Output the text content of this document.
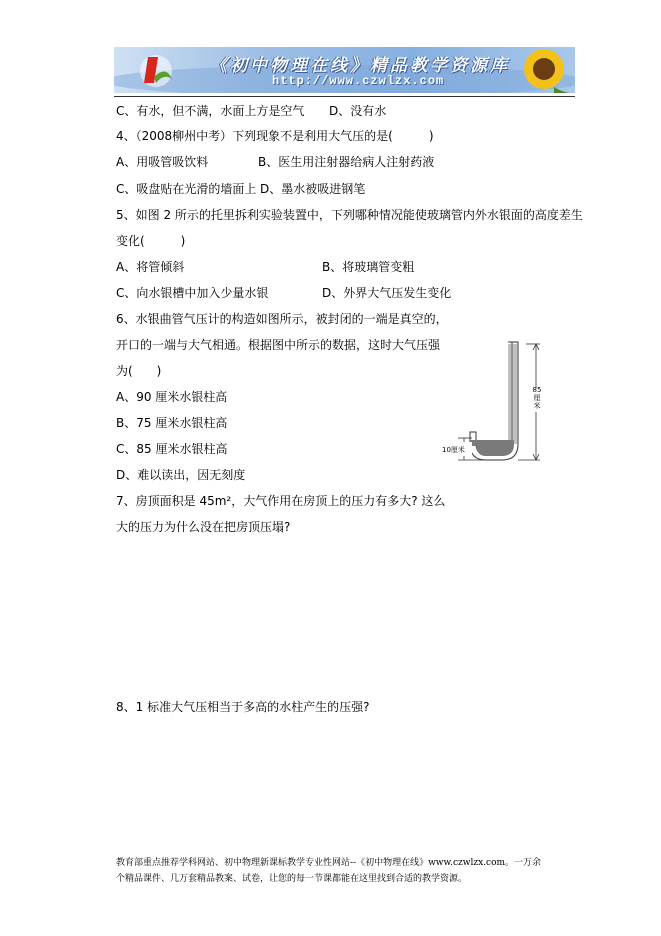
《初中物理在线》精品教学资源库
http://www.czwlzx.com
C、有水，但不满，水面上方是空气 D、没有水
4、（2008柳州中考）下列现象不是利用大气压的是(　　　)
A、用吸管吸饮料	B、医生用注射器给病人注射药液
C、吸盘贴在光滑的墙面上 D、墨水被吸进钢笔
5、如图 2 所示的托里拆利实验装置中，下列哪种情况能使玻璃管内外水银面的高度差生
变化(　　　)
A、将管倾斜	B、将玻璃管变粗
C、向水银槽中加入少量水银	D、外界大气压发生变化
6、水银曲管气压计的构造如图所示，被封闭的一端是真空的，
开口的一端与大气相通。根据图中所示的数据，这时大气压强
为(　　)
A、90 厘米水银柱高
B、75 厘米水银柱高
C、85 厘米水银柱高
D、难以读出，因无刻度
85
厘
米
10厘米
7、房顶面积是 45m²，大气作用在房顶上的压力有多大? 这么
大的压力为什么没在把房顶压塌?
8、1 标准大气压相当于多高的水柱产生的压强?
教育部重点推荐学科网站、初中物理新课标教学专业性网站--《初中物理在线》www.czwlzx.com。一万余
个精品课件、几万套精品教案、试卷，让您的每一节课都能在这里找到合适的教学资源。
